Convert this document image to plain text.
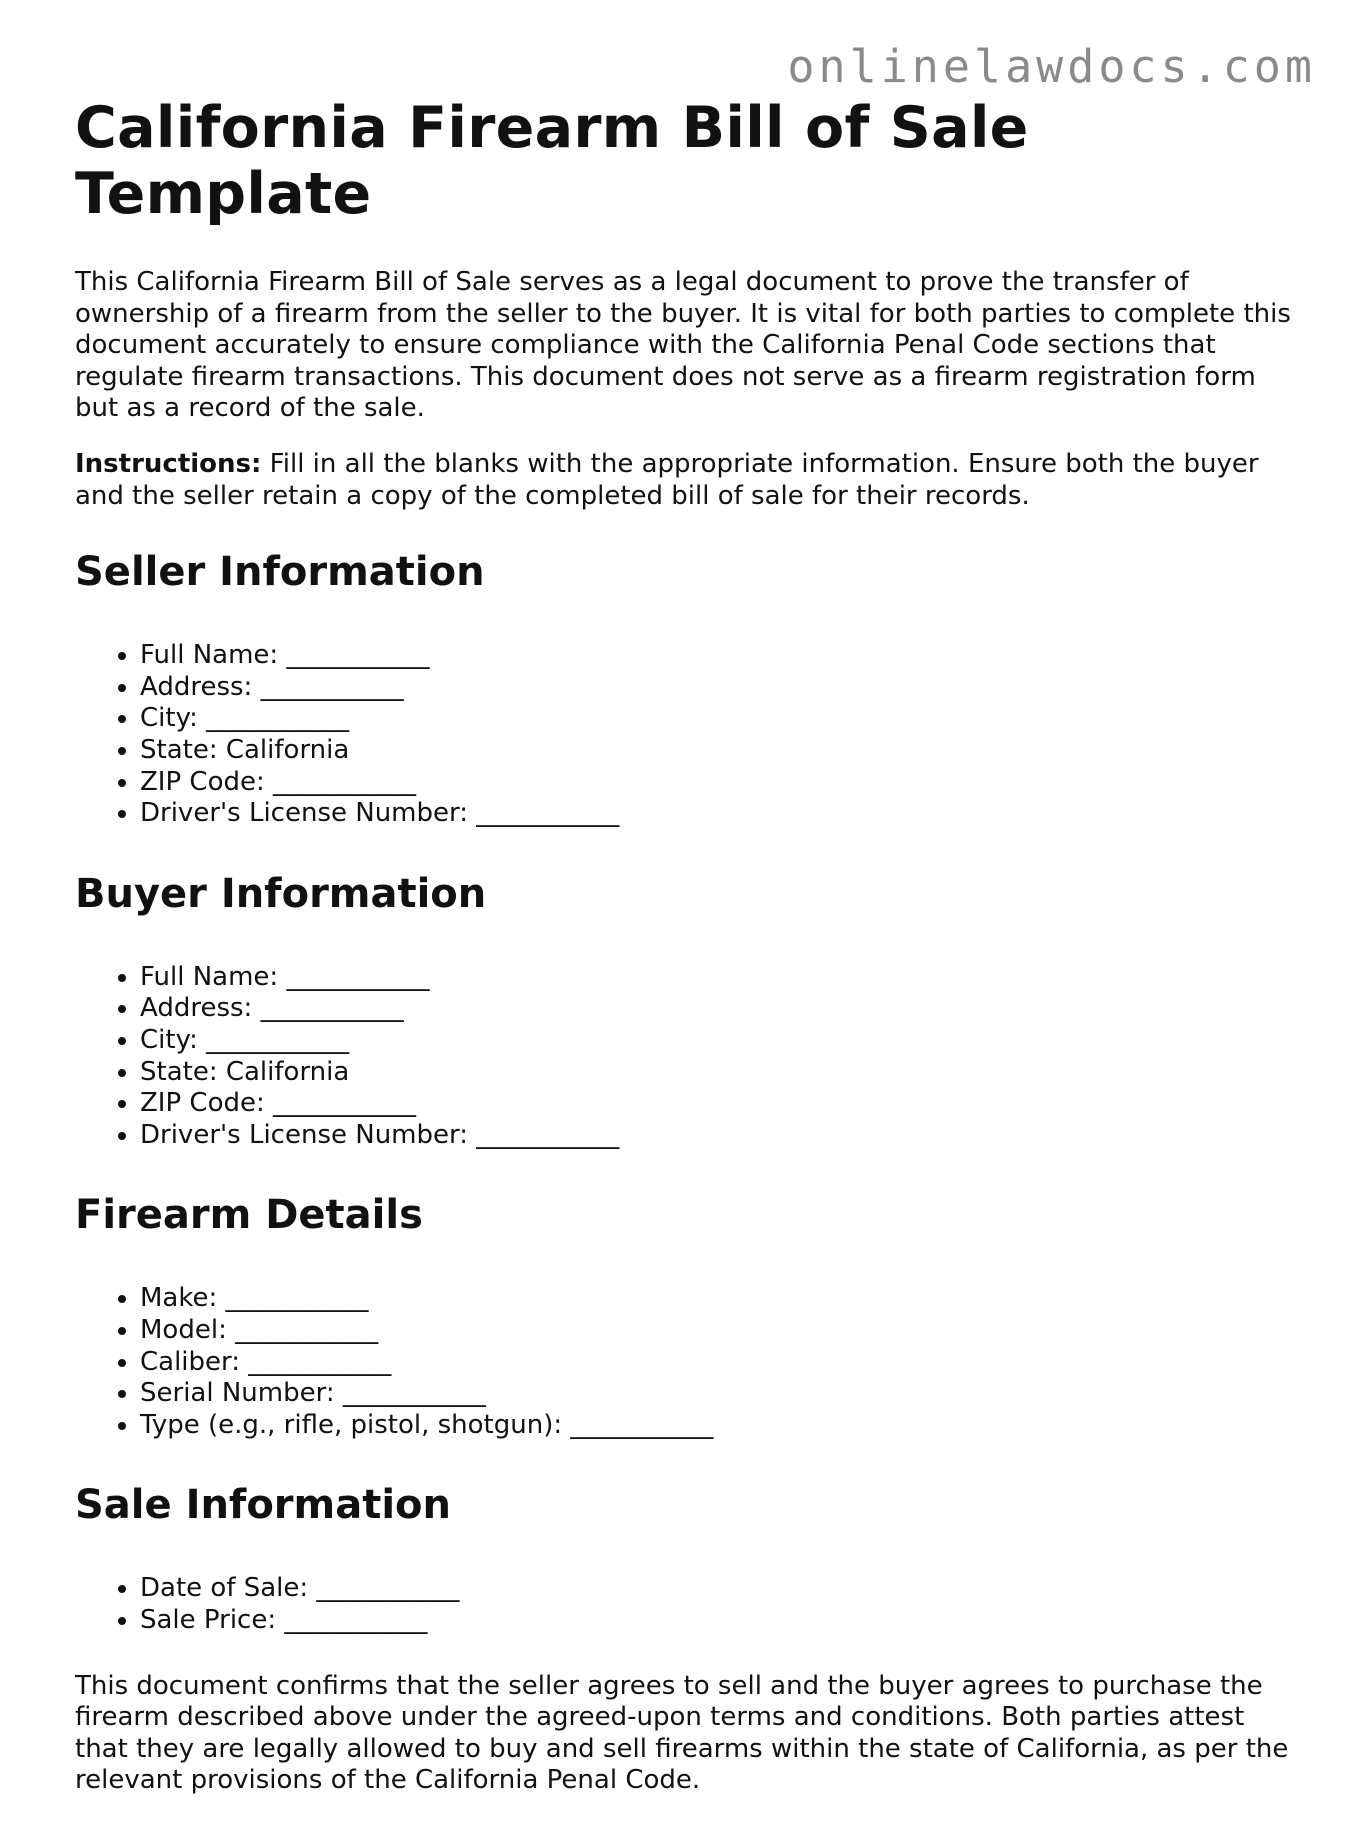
onlinelawdocs.com
California Firearm Bill of Sale Template

This California Firearm Bill of Sale serves as a legal document to prove the transfer of ownership of a firearm from the seller to the buyer. It is vital for both parties to complete this document accurately to ensure compliance with the California Penal Code sections that regulate firearm transactions. This document does not serve as a firearm registration form but as a record of the sale.

Instructions: Fill in all the blanks with the appropriate information. Ensure both the buyer and the seller retain a copy of the completed bill of sale for their records.

Seller Information
• Full Name: ___________
• Address: ___________
• City: ___________
• State: California
• ZIP Code: ___________
• Driver's License Number: ___________
Buyer Information
• Full Name: ___________
• Address: ___________
• City: ___________
• State: California
• ZIP Code: ___________
• Driver's License Number: ___________
Firearm Details
• Make: ___________
• Model: ___________
• Caliber: ___________
• Serial Number: ___________
• Type (e.g., rifle, pistol, shotgun): ___________
Sale Information
• Date of Sale: ___________
• Sale Price: ___________

This document confirms that the seller agrees to sell and the buyer agrees to purchase the firearm described above under the agreed-upon terms and conditions. Both parties attest that they are legally allowed to buy and sell firearms within the state of California, as per the relevant provisions of the California Penal Code.
